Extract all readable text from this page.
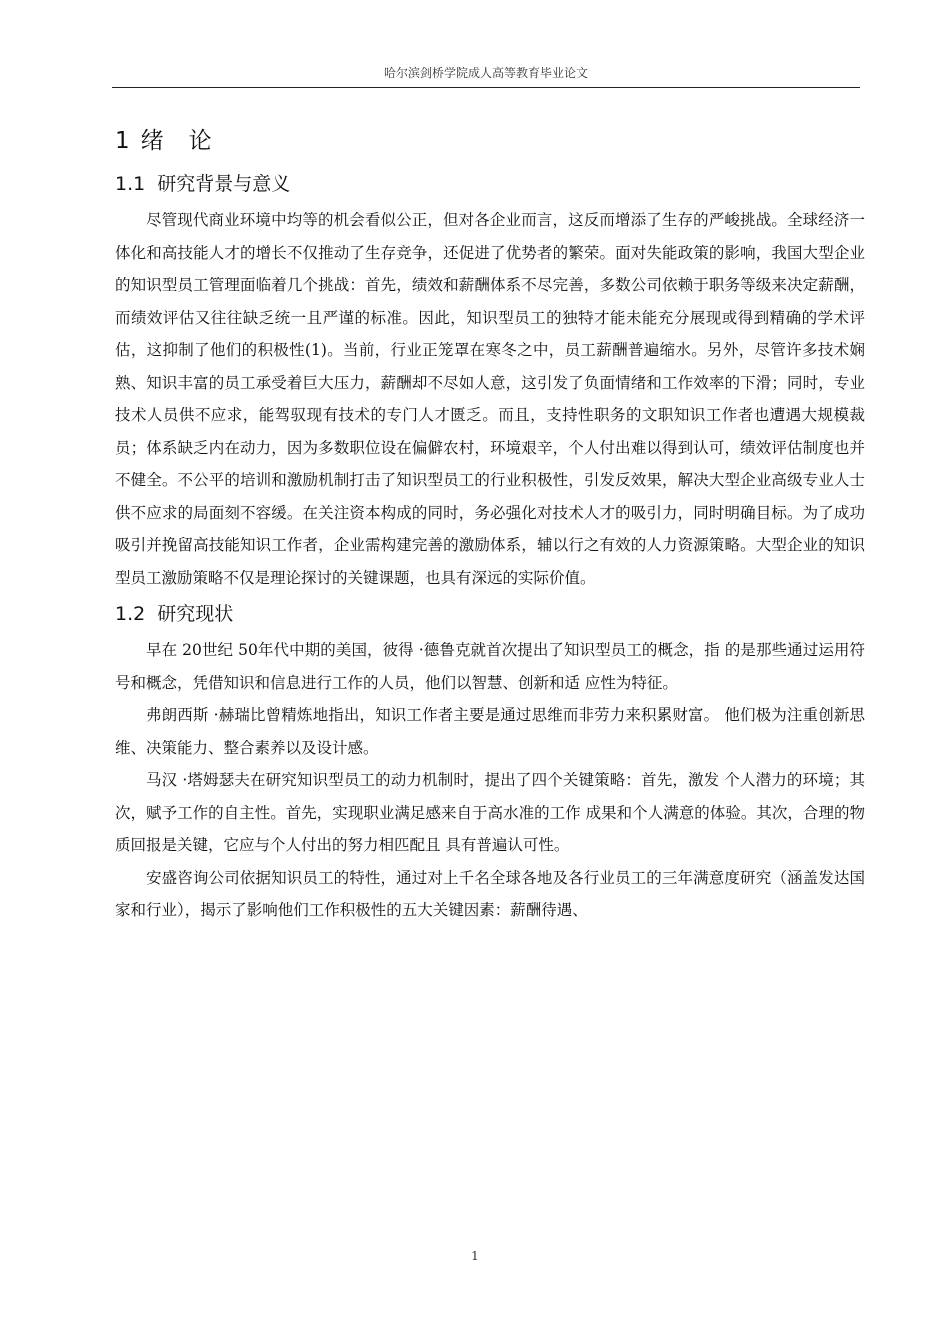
哈尔滨剑桥学院成人高等教育毕业论文
1 绪　论
1.1 研究背景与意义

尽管现代商业环境中均等的机会看似公正，但对各企业而言，这反而增添了生存的严峻挑战。全球经济一体化和高技能人才的增长不仅推动了生存竞争，还促进了优势者的繁荣。面对失能政策的影响，我国大型企业的知识型员工管理面临着几个挑战：首先，绩效和薪酬体系不尽完善，多数公司依赖于职务等级来决定薪酬，而绩效评估又往往缺乏统一且严谨的标准。因此，知识型员工的独特才能未能充分展现或得到精确的学术评估，这抑制了他们的积极性(1)。当前，行业正笼罩在寒冬之中，员工薪酬普遍缩水。另外，尽管许多技术娴熟、知识丰富的员工承受着巨大压力，薪酬却不尽如人意，这引发了负面情绪和工作效率的下滑；同时，专业技术人员供不应求，能驾驭现有技术的专门人才匮乏。而且，支持性职务的文职知识工作者也遭遇大规模裁员；体系缺乏内在动力，因为多数职位设在偏僻农村，环境艰辛，个人付出难以得到认可，绩效评估制度也并不健全。不公平的培训和激励机制打击了知识型员工的行业积极性，引发反效果，解决大型企业高级专业人士供不应求的局面刻不容缓。在关注资本构成的同时，务必强化对技术人才的吸引力，同时明确目标。为了成功吸引并挽留高技能知识工作者，企业需构建完善的激励体系，辅以行之有效的人力资源策略。大型企业的知识型员工激励策略不仅是理论探讨的关键课题，也具有深远的实际价值。

1.2 研究现状

早在 20世纪 50年代中期的美国，彼得 ·德鲁克就首次提出了知识型员工的概念，指 的是那些通过运用符号和概念，凭借知识和信息进行工作的人员，他们以智慧、创新和适 应性为特征。

弗朗西斯 ·赫瑞比曾精炼地指出，知识工作者主要是通过思维而非劳力来积累财富。 他们极为注重创新思维、决策能力、整合素养以及设计感。

马汉 ·塔姆瑟夫在研究知识型员工的动力机制时，提出了四个关键策略：首先，激发 个人潜力的环境；其次，赋予工作的自主性。首先，实现职业满足感来自于高水准的工作 成果和个人满意的体验。其次，合理的物质回报是关键，它应与个人付出的努力相匹配且 具有普遍认可性。

安盛咨询公司依据知识员工的特性，通过对上千名全球各地及各行业员工的三年满意度研究（涵盖发达国家和行业），揭示了影响他们工作积极性的五大关键因素：薪酬待遇、

1
